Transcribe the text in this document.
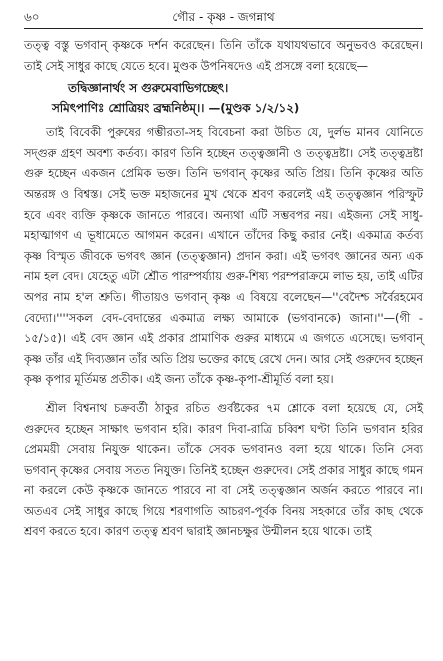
৬০	গৌর - কৃষ্ণ - জগন্নাথ

তত্ত্ব বস্তু ভগবান্ কৃষ্ণকে দর্শন করেছেন। তিনি তাঁকে যথাযথভাবে অনুভবও করেছেন। তাই সেই সাধুর কাছে যেতে হবে। মুণ্ডক উপনিষদেও এই প্রসঙ্গে বলা হয়েছে—

তদ্বিজ্ঞানার্থং স গুরুমেবাভিগচ্ছেৎ।
সমিৎপাণিঃ শ্রোত্রিয়ং ব্রহ্মনিষ্ঠম্।। —(মুণ্ডক ১/২/১২)

তাই বিবেকী পুরুষের গম্ভীরতা-সহ বিবেচনা করা উচিত যে, দুর্লভ মানব যোনিতে সদ্গুরু গ্রহণ অবশ্য কর্তব্য। কারণ তিনি হচ্ছেন তত্ত্বজ্ঞানী ও তত্ত্বদ্রষ্টা। সেই তত্ত্বদ্রষ্টা গুরু হচ্ছেন একজন প্রেমিক ভক্ত। তিনি ভগবান্ কৃষ্ণের অতি প্রিয়। তিনি কৃষ্ণের অতি অন্তরঙ্গ ও বিশ্বস্ত। সেই ভক্ত মহাজনের মুখ থেকে শ্রবণ করলেই এই তত্ত্বজ্ঞান পরিস্ফুট হবে এবং ব্যক্তি কৃষ্ণকে জানতে পারবে। অন্যথা এটি সম্ভবপর নয়। এইজন্য সেই সাধু-মহাত্মাগণ এ ভূধামেতে আগমন করেন। এখানে তাঁদের কিছু করার নেই। একমাত্র কর্তব্য কৃষ্ণ বিস্মৃত জীবকে ভগবৎ জ্ঞান (তত্ত্বজ্ঞান) প্রদান করা। এই ভগবৎ জ্ঞানের অন্য এক নাম হল বেদ। যেহেতু এটা শ্রৌত পারম্পর্য্যায় গুরু-শিষ্য পরম্পরাক্রমে লাভ হয়, তাই এটির অপর নাম হ'ল শ্রুতি। গীতায়ও ভগবান্ কৃষ্ণ এ বিষয়ে বলেছেন—''বেদৈশ্চ সর্বৈরহমেব বেদ্যো।''''সকল বেদ-বেদান্তের একমাত্র লক্ষ্য আমাকে (ভগবানকে) জানা।''—(গী - ১৫/১৫)। এই বেদ জ্ঞান এই প্রকার প্রামাণিক গুরুর মাধ্যমে এ জগতে এসেছে। ভগবান্ কৃষ্ণ তাঁর এই দিব্যজ্ঞান তাঁর অতি প্রিয় ভক্তের কাছে রেখে দেন। আর সেই গুরুদেব হচ্ছেন কৃষ্ণ কৃপার মূর্তিমন্ত প্রতীক। এই জন্য তাঁকে কৃষ্ণ-কৃপা-শ্রীমূর্তি বলা হয়।

শ্রীল বিশ্বনাথ চক্রবর্তী ঠাকুর রচিত গুর্বষ্টকের ৭ম শ্লোকে বলা হয়েছে যে, সেই গুরুদেব হচ্ছেন সাক্ষাৎ ভগবান হরি। কারণ দিবা-রাত্রি চব্বিশ ঘণ্টা তিনি ভগবান হরির প্রেমময়ী সেবায় নিযুক্ত থাকেন। তাঁকে সেবক ভগবানও বলা হয়ে থাকে। তিনি সেব্য ভগবান্ কৃষ্ণের সেবায় সতত নিযুক্ত। তিনিই হচ্ছেন গুরুদেব। সেই প্রকার সাধুর কাছে গমন না করলে কেউ কৃষ্ণকে জানতে পারবে না বা সেই তত্ত্বজ্ঞান অর্জন করতে পারবে না। অতএব সেই সাধুর কাছে গিয়ে শরণাগতি আচরণ-পূর্বক বিনয় সহকারে তাঁর কাছ থেকে শ্রবণ করতে হবে। কারণ তত্ত্ব শ্রবণ দ্বারাই জ্ঞানচক্ষুর উন্মীলন হয়ে থাকে। তাই
